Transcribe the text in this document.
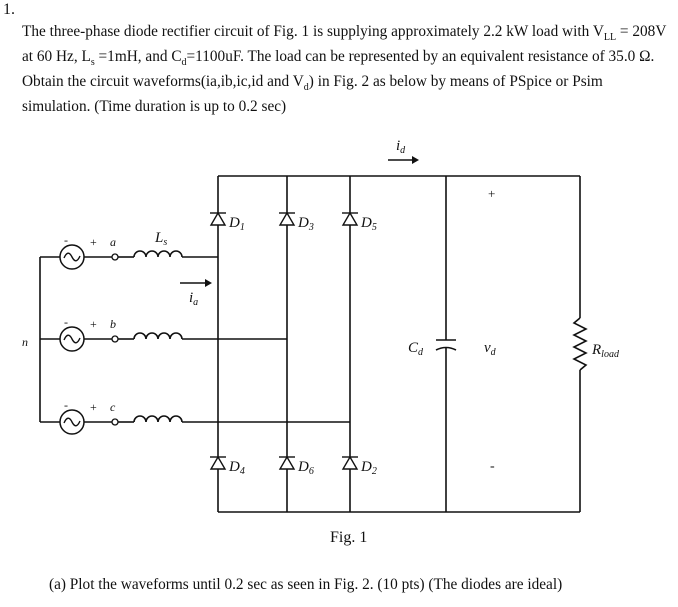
1.

The three-phase diode rectifier circuit of Fig. 1 is supplying approximately 2.2 kW load with $V_{LL} = 208V$ at 60 Hz, $L_s =1mH$, and $C_d=1100uF$. The load can be represented by an equivalent resistance of 35.0 Ω. Obtain the circuit waveforms(ia,ib,ic,id and $V_d$) in Fig. 2 as below by means of PSpice or Psim simulation. (Time duration is up to 0.2 sec)

$D_1$	$D_3$	$D_5$
$D_4$	$D_6$	$D_2$
$i_d$
$C_d$
+
$v_d$
-
$R_{load}$
n
- + a
- + b
- + c
$L_s$
$i_a$
Fig. 1
(a) Plot the waveforms until 0.2 sec as seen in Fig. 2. (10 pts) (The diodes are ideal)
